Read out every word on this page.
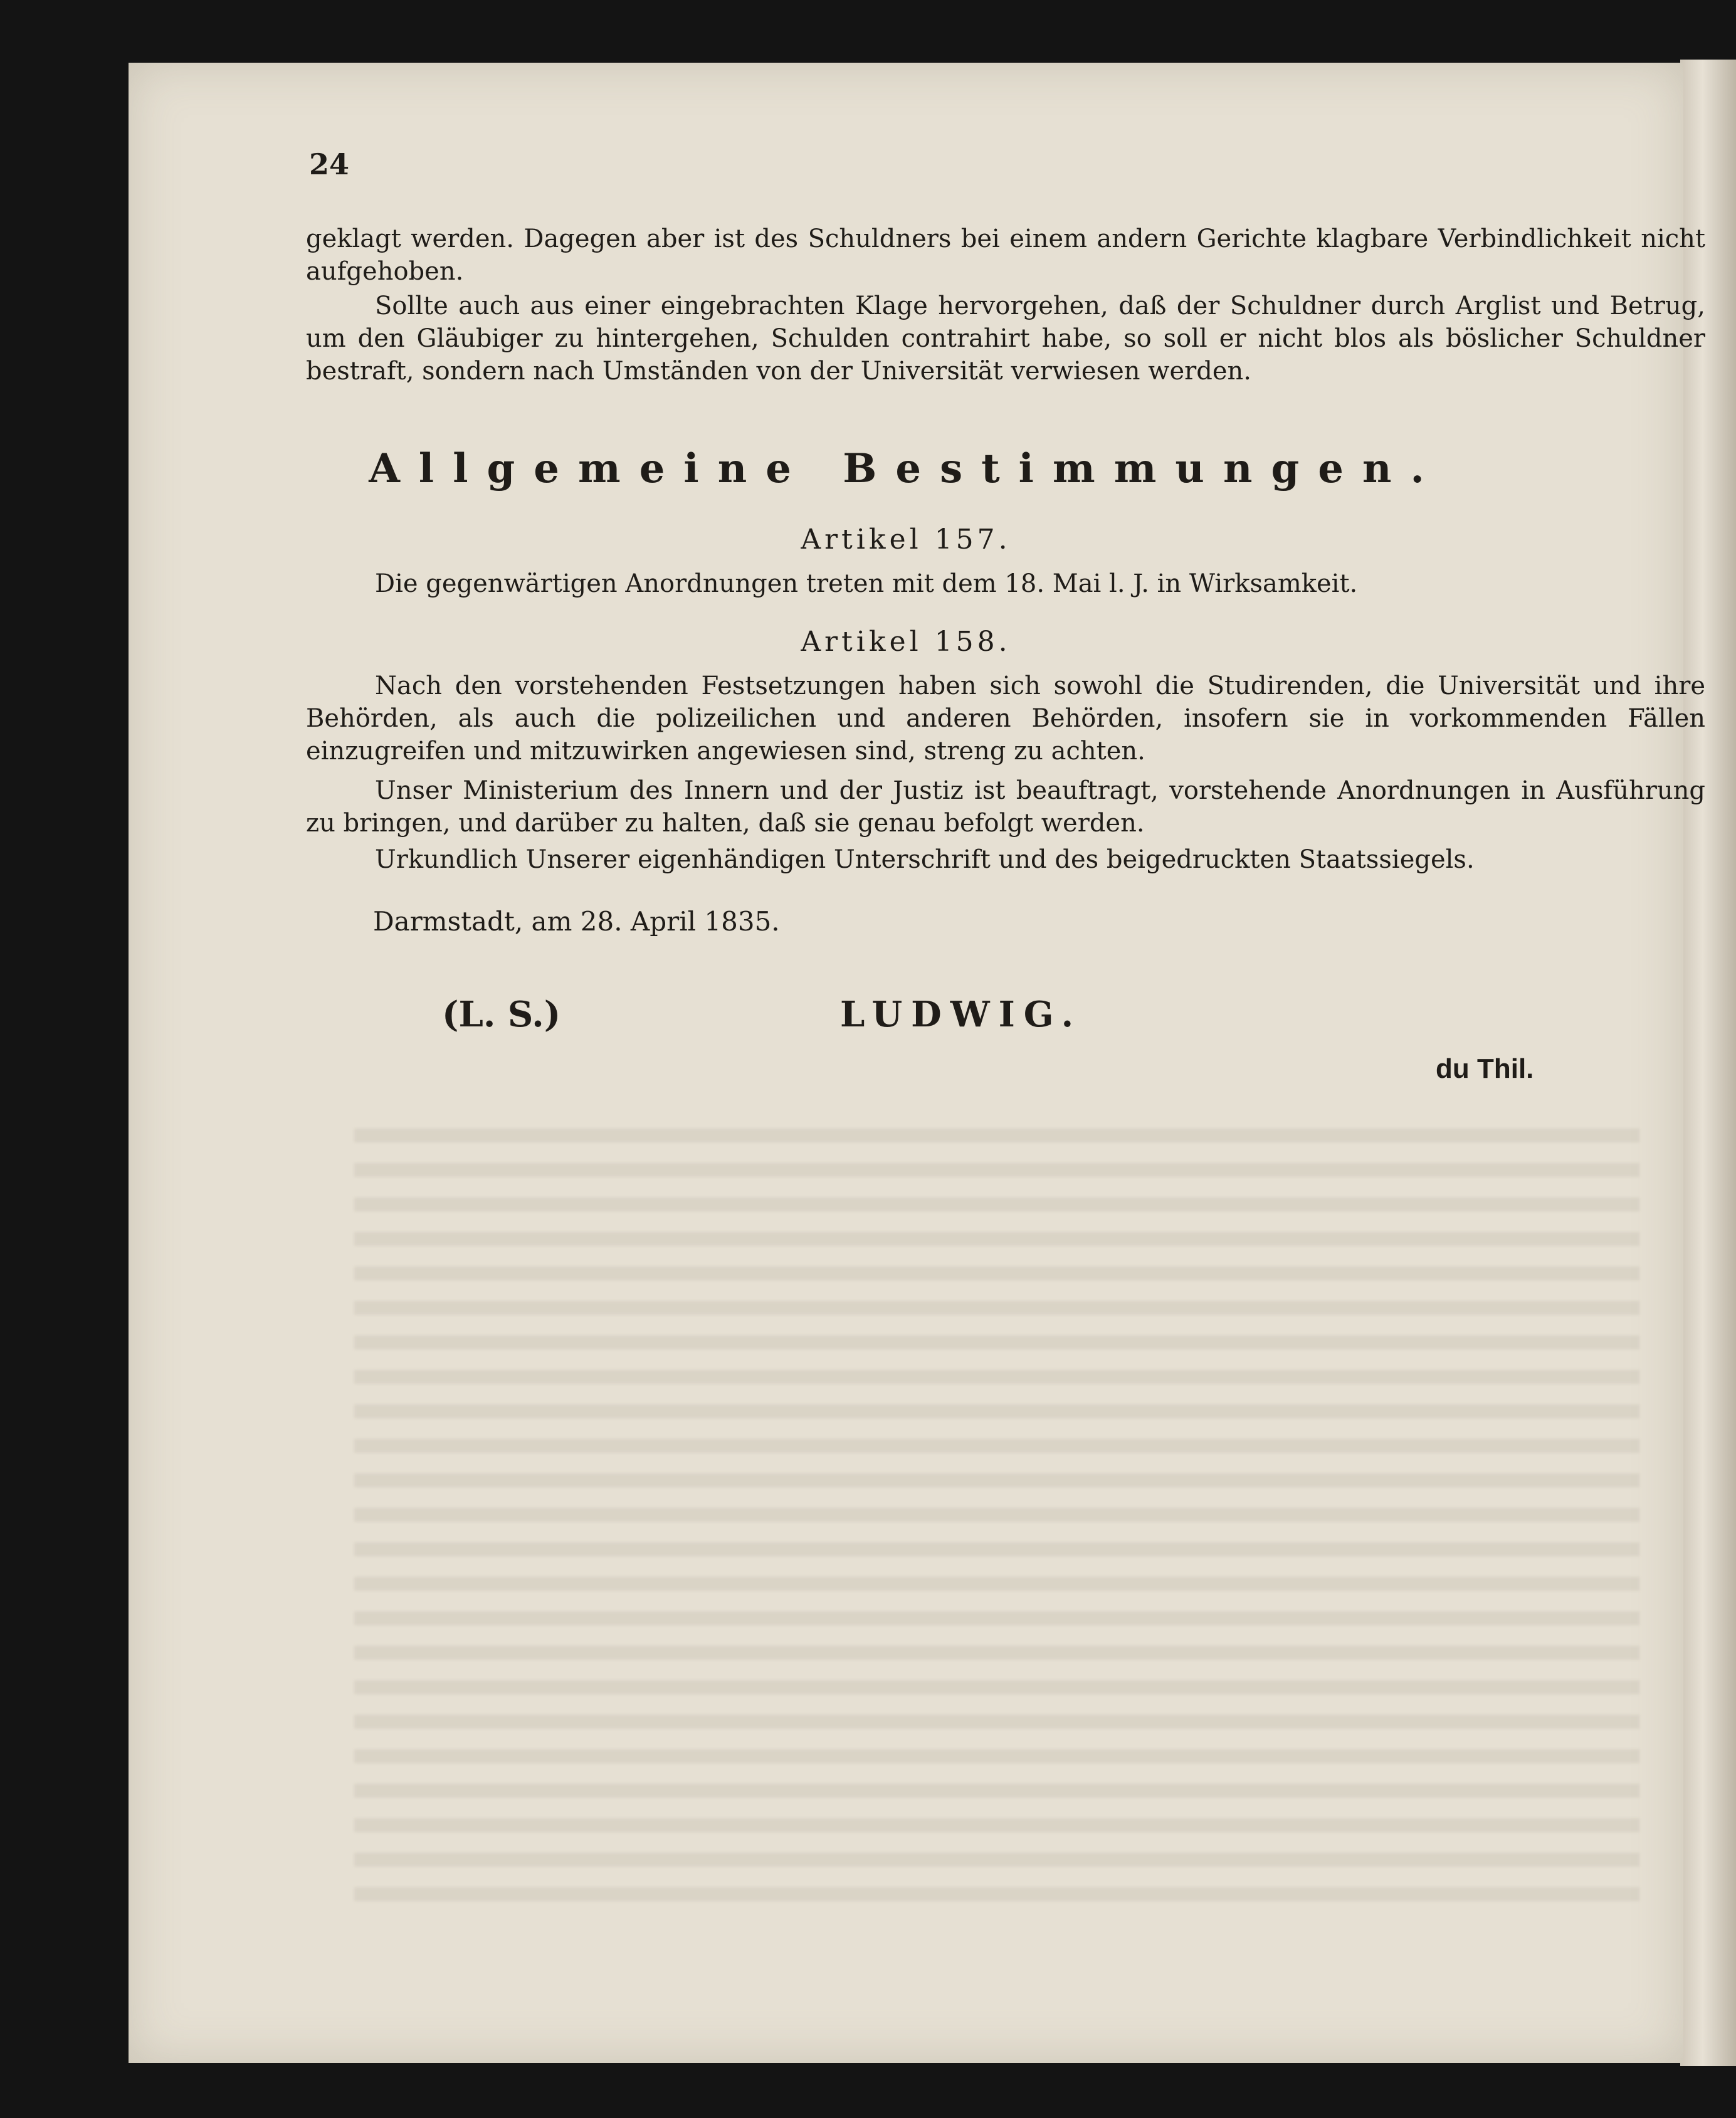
24
geklagt werden. Dagegen aber ist des Schuldners bei einem andern Gerichte klagbare Verbindlichkeit nicht aufgehoben.
Sollte auch aus einer eingebrachten Klage hervorgehen, daß der Schuldner durch Arglist und Betrug, um den Gläubiger zu hintergehen, Schulden contrahirt habe, so soll er nicht blos als böslicher Schuldner bestraft, sondern nach Umständen von der Universität verwiesen werden.
Allgemeine Bestimmungen.
Artikel 157.
Die gegenwärtigen Anordnungen treten mit dem 18. Mai l. J. in Wirksamkeit.
Artikel 158.
Nach den vorstehenden Festsetzungen haben sich sowohl die Studirenden, die Universität und ihre Behörden, als auch die polizeilichen und anderen Behörden, insofern sie in vorkommenden Fällen einzugreifen und mitzuwirken angewiesen sind, streng zu achten.
Unser Ministerium des Innern und der Justiz ist beauftragt, vorstehende Anordnungen in Ausführung zu bringen, und darüber zu halten, daß sie genau befolgt werden.
Urkundlich Unserer eigenhändigen Unterschrift und des beigedruckten Staatssiegels.
Darmstadt, am 28. April 1835.
(L. S.)	LUDWIG.
du Thil.
